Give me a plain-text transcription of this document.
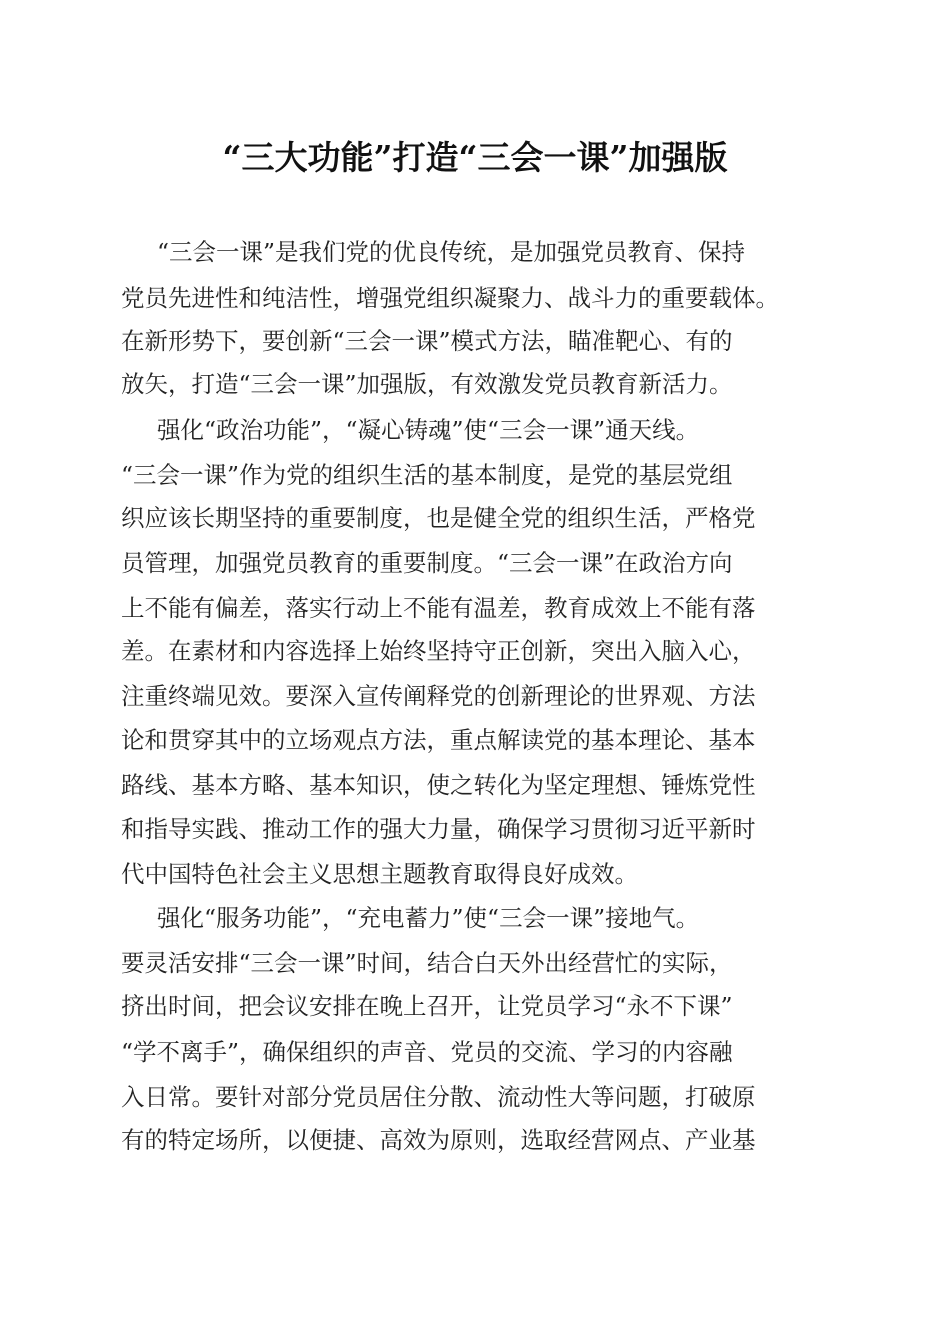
“三大功能”打造“三会一课”加强版

“三会一课”是我们党的优良传统，是加强党员教育、保持

党员先进性和纯洁性，增强党组织凝聚力、战斗力的重要载体。

在新形势下，要创新“三会一课”模式方法，瞄准靶心、有的

放矢，打造“三会一课”加强版，有效激发党员教育新活力。

强化“政治功能”，“凝心铸魂”使“三会一课”通天线。

“三会一课”作为党的组织生活的基本制度，是党的基层党组

织应该长期坚持的重要制度，也是健全党的组织生活，严格党

员管理，加强党员教育的重要制度。“三会一课”在政治方向

上不能有偏差，落实行动上不能有温差，教育成效上不能有落

差。在素材和内容选择上始终坚持守正创新，突出入脑入心，

注重终端见效。要深入宣传阐释党的创新理论的世界观、方法

论和贯穿其中的立场观点方法，重点解读党的基本理论、基本

路线、基本方略、基本知识，使之转化为坚定理想、锤炼党性

和指导实践、推动工作的强大力量，确保学习贯彻习近平新时

代中国特色社会主义思想主题教育取得良好成效。

强化“服务功能”，“充电蓄力”使“三会一课”接地气。

要灵活安排“三会一课”时间，结合白天外出经营忙的实际，

挤出时间，把会议安排在晚上召开，让党员学习“永不下课”

“学不离手”，确保组织的声音、党员的交流、学习的内容融

入日常。要针对部分党员居住分散、流动性大等问题，打破原

有的特定场所，以便捷、高效为原则，选取经营网点、产业基
